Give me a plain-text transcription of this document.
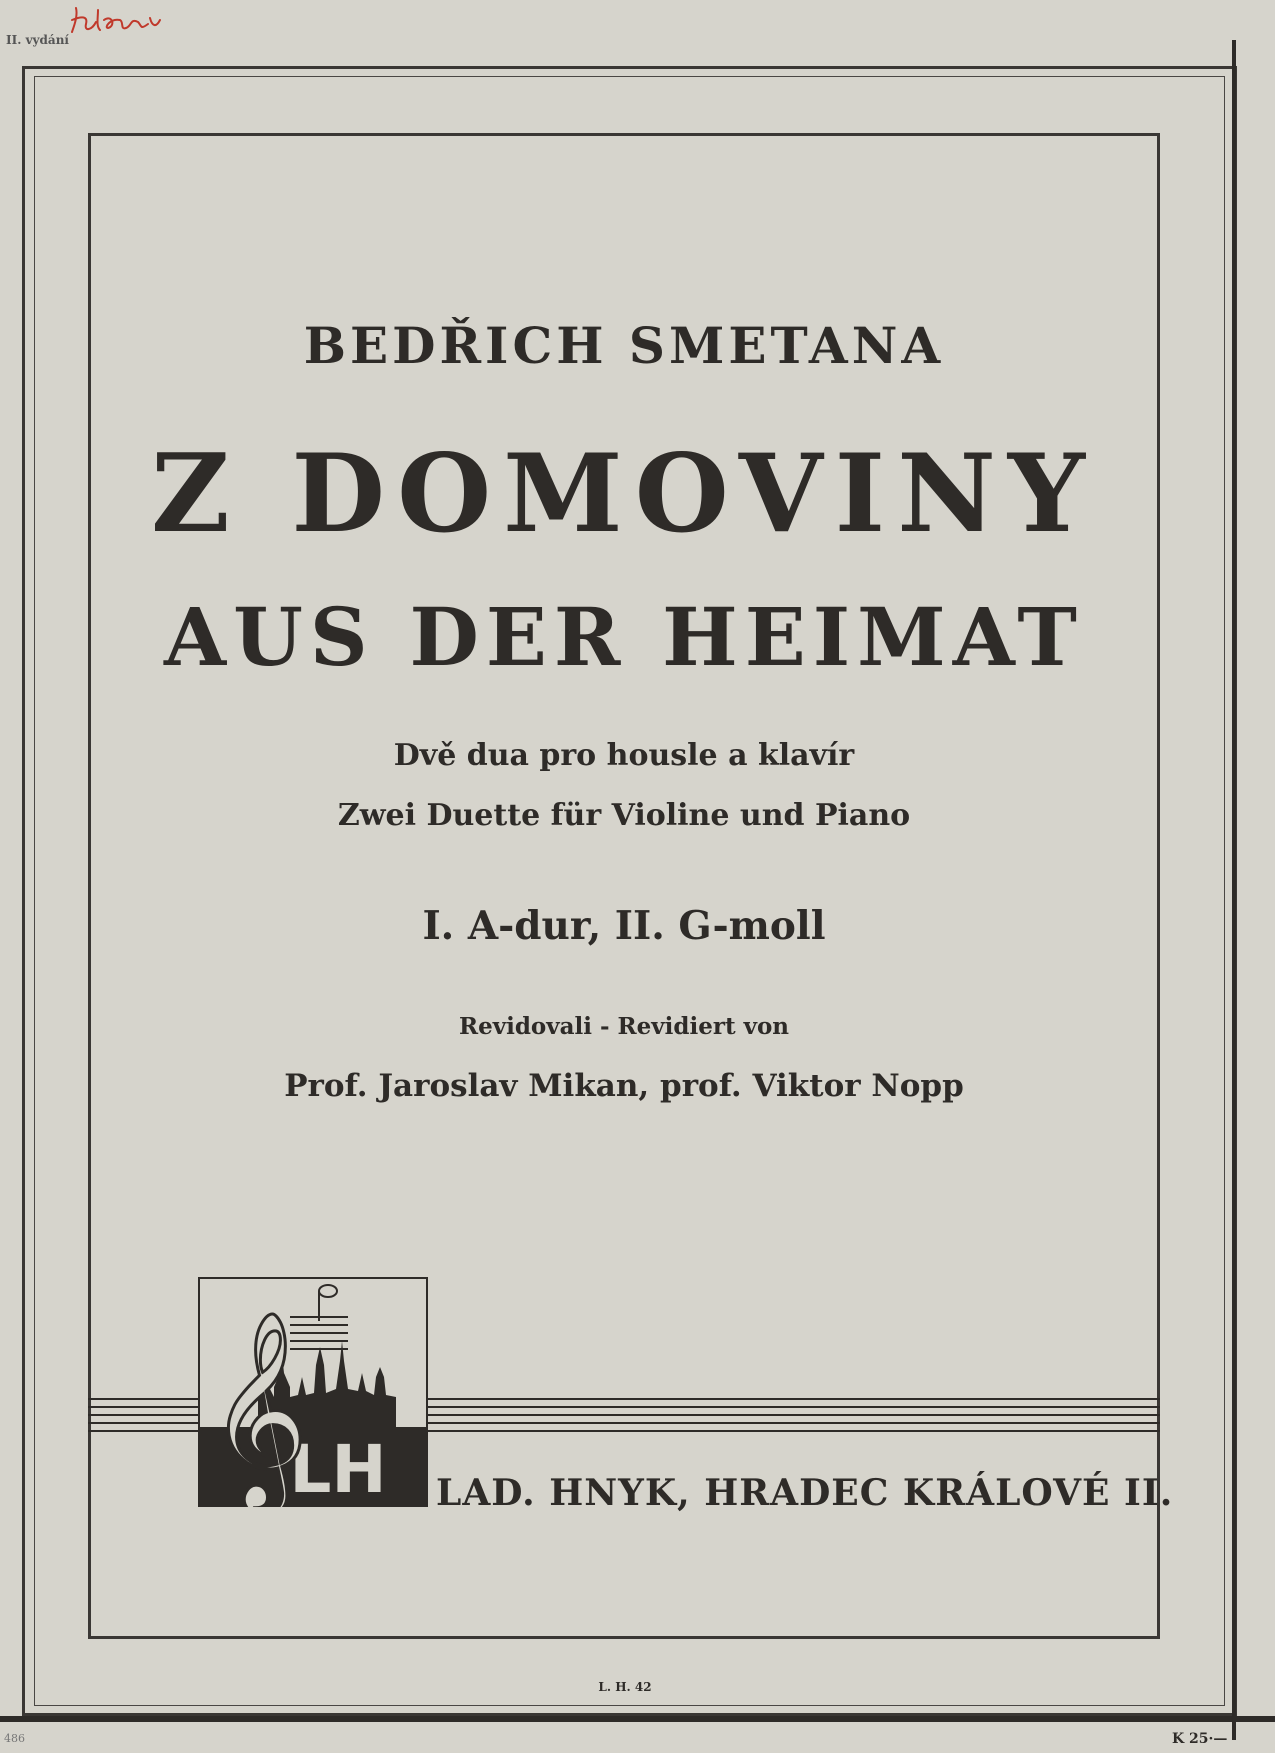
II. vydání
BEDŘICH SMETANA
Z DOMOVINY
AUS DER HEIMAT
Dvě dua pro housle a klavír
Zwei Duette für Violine und Piano
I. A-dur, II. G-moll
Revidovali - Revidiert von
Prof. Jaroslav Mikan, prof. Viktor Nopp
LH
𝄞	LAD. HNYK, HRADEC KRÁLOVÉ II.
L. H. 42
K 25·—
486
